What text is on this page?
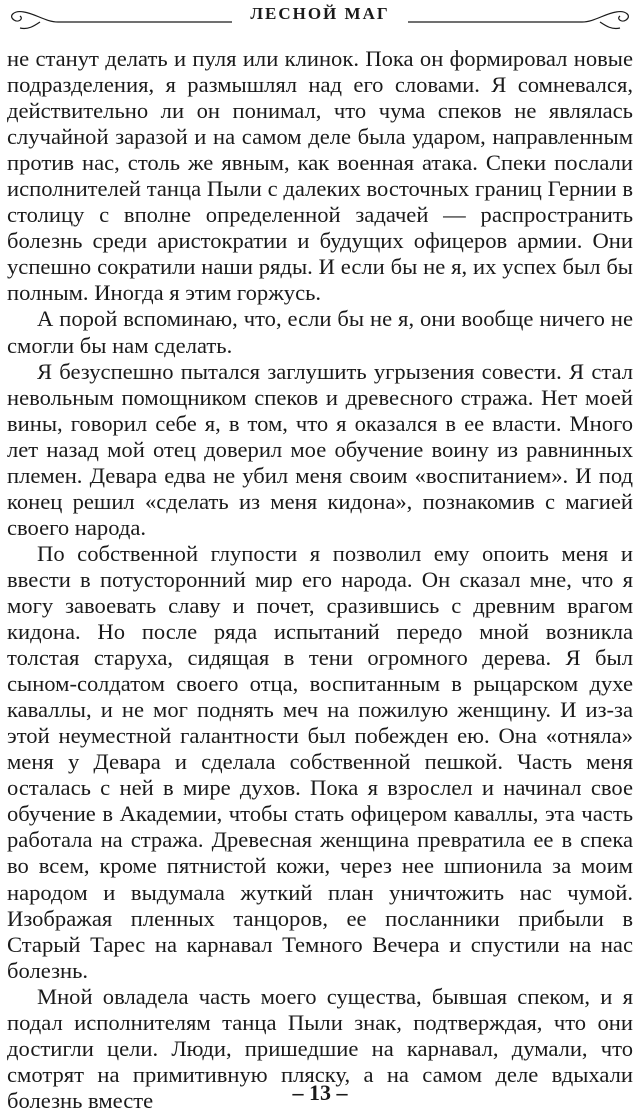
ЛЕСНОЙ МАГ

не станут делать и пуля или клинок. Пока он формировал новые подразделения, я размышлял над его словами. Я сомневался, действительно ли он понимал, что чума спеков не являлась случайной заразой и на самом деле была ударом, направленным против нас, столь же явным, как военная атака. Спеки послали исполнителей танца Пыли с далеких восточных границ Гернии в столицу с вполне определенной задачей — распространить болезнь среди аристократии и будущих офицеров армии. Они успешно сократили наши ряды. И если бы не я, их успех был бы полным. Иногда я этим горжусь.

А порой вспоминаю, что, если бы не я, они вообще ничего не смогли бы нам сделать.

Я безуспешно пытался заглушить угрызения совести. Я стал невольным помощником спеков и древесного стража. Нет моей вины, говорил себе я, в том, что я оказался в ее власти. Много лет назад мой отец доверил мое обучение воину из равнинных племен. Девара едва не убил меня своим «воспитанием». И под конец решил «сделать из меня кидона», познакомив с магией своего народа.

По собственной глупости я позволил ему опоить меня и ввести в потусторонний мир его народа. Он сказал мне, что я могу завоевать славу и почет, сразившись с древним врагом кидона. Но после ряда испытаний передо мной возникла толстая старуха, сидящая в тени огромного дерева. Я был сыном-солдатом своего отца, воспитанным в рыцарском духе каваллы, и не мог поднять меч на пожилую женщину. И из-за этой неуместной галантности был побежден ею. Она «отняла» меня у Девара и сделала собственной пешкой. Часть меня осталась с ней в мире духов. Пока я взрослел и начинал свое обучение в Академии, чтобы стать офицером каваллы, эта часть работала на стража. Древесная женщина превратила ее в спека во всем, кроме пятнистой кожи, через нее шпионила за моим народом и выдумала жуткий план уничтожить нас чумой. Изображая пленных танцоров, ее посланники прибыли в Старый Тарес на карнавал Темного Вечера и спустили на нас болезнь.

Мной овладела часть моего существа, бывшая спеком, и я подал исполнителям танца Пыли знак, подтверждая, что они достигли цели. Люди, пришедшие на карнавал, думали, что смотрят на примитивную пляску, а на самом деле вдыхали болезнь вместе	– 13 –
